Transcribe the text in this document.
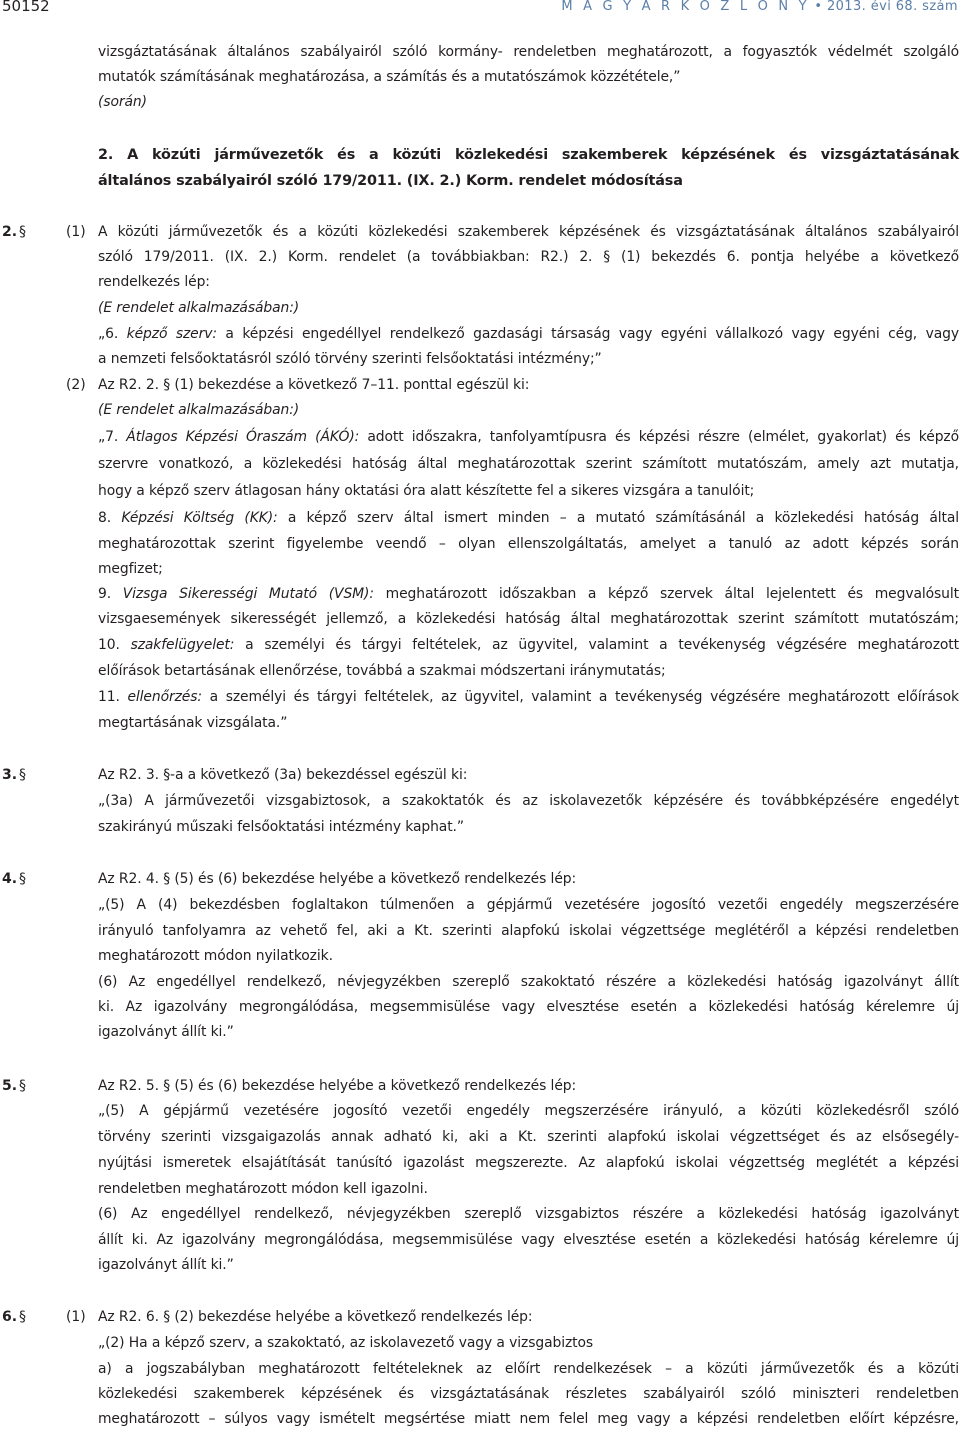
50152	M A G Y A R K Ö Z L Ö N Y • 2013. évi 68. szám
vizsgáztatásának általános szabályairól szóló kormány- rendeletben meghatározott, a fogyasztók védelmét szolgáló
mutatók számításának meghatározása, a számítás és a mutatószámok közzététele,”
(során)
2. A közúti járművezetők és a közúti közlekedési szakemberek képzésének és vizsgáztatásának
általános szabályairól szóló 179/2011. (IX. 2.) Korm. rendelet módosítása
2. §	(1) A közúti járművezetők és a közúti közlekedési szakemberek képzésének és vizsgáztatásának általános szabályairól
szóló 179/2011. (IX. 2.) Korm. rendelet (a továbbiakban: R2.) 2. § (1) bekezdés 6. pontja helyébe a következő
rendelkezés lép:
(E rendelet alkalmazásában:)
„6. képző szerv: a képzési engedéllyel rendelkező gazdasági társaság vagy egyéni vállalkozó vagy egyéni cég, vagy
a nemzeti felsőoktatásról szóló törvény szerinti felsőoktatási intézmény;”
(2) Az R2. 2. § (1) bekezdése a következő 7–11. ponttal egészül ki:
(E rendelet alkalmazásában:)
„7. Átlagos Képzési Óraszám (ÁKÓ): adott időszakra, tanfolyamtípusra és képzési részre (elmélet, gyakorlat) és képző
szervre vonatkozó, a közlekedési hatóság által meghatározottak szerint számított mutatószám, amely azt mutatja,
hogy a képző szerv átlagosan hány oktatási óra alatt készítette fel a sikeres vizsgára a tanulóit;
8. Képzési Költség (KK): a képző szerv által ismert minden – a mutató számításánál a közlekedési hatóság által
meghatározottak szerint figyelembe veendő – olyan ellenszolgáltatás, amelyet a tanuló az adott képzés során
megfizet;
9. Vizsga Sikerességi Mutató (VSM): meghatározott időszakban a képző szervek által lejelentett és megvalósult
vizsgaesemények sikerességét jellemző, a közlekedési hatóság által meghatározottak szerint számított mutatószám;
10. szakfelügyelet: a személyi és tárgyi feltételek, az ügyvitel, valamint a tevékenység végzésére meghatározott
előírások betartásának ellenőrzése, továbbá a szakmai módszertani iránymutatás;
11. ellenőrzés: a személyi és tárgyi feltételek, az ügyvitel, valamint a tevékenység végzésére meghatározott előírások
megtartásának vizsgálata.”
3. §	Az R2. 3. §-a a következő (3a) bekezdéssel egészül ki:
„(3a) A járművezetői vizsgabiztosok, a szakoktatók és az iskolavezetők képzésére és továbbképzésére engedélyt
szakirányú műszaki felsőoktatási intézmény kaphat.”
4. §	Az R2. 4. § (5) és (6) bekezdése helyébe a következő rendelkezés lép:
„(5) A (4) bekezdésben foglaltakon túlmenően a gépjármű vezetésére jogosító vezetői engedély megszerzésére
irányuló tanfolyamra az vehető fel, aki a Kt. szerinti alapfokú iskolai végzettsége meglétéről a képzési rendeletben
meghatározott módon nyilatkozik.
(6) Az engedéllyel rendelkező, névjegyzékben szereplő szakoktató részére a közlekedési hatóság igazolványt állít
ki. Az igazolvány megrongálódása, megsemmisülése vagy elvesztése esetén a közlekedési hatóság kérelemre új
igazolványt állít ki.”
5. §	Az R2. 5. § (5) és (6) bekezdése helyébe a következő rendelkezés lép:
„(5) A gépjármű vezetésére jogosító vezetői engedély megszerzésére irányuló, a közúti közlekedésről szóló
törvény szerinti vizsgaigazolás annak adható ki, aki a Kt. szerinti alapfokú iskolai végzettséget és az elsősegély-
nyújtási ismeretek elsajátítását tanúsító igazolást megszerezte. Az alapfokú iskolai végzettség meglétét a képzési
rendeletben meghatározott módon kell igazolni.
(6) Az engedéllyel rendelkező, névjegyzékben szereplő vizsgabiztos részére a közlekedési hatóság igazolványt
állít ki. Az igazolvány megrongálódása, megsemmisülése vagy elvesztése esetén a közlekedési hatóság kérelemre új
igazolványt állít ki.”
6. §	(1) Az R2. 6. § (2) bekezdése helyébe a következő rendelkezés lép:
„(2) Ha a képző szerv, a szakoktató, az iskolavezető vagy a vizsgabiztos
a) a jogszabályban meghatározott feltételeknek az előírt rendelkezések – a közúti járművezetők és a közúti
közlekedési szakemberek képzésének és vizsgáztatásának részletes szabályairól szóló miniszteri rendeletben
meghatározott – súlyos vagy ismételt megsértése miatt nem felel meg vagy a képzési rendeletben előírt képzésre,
